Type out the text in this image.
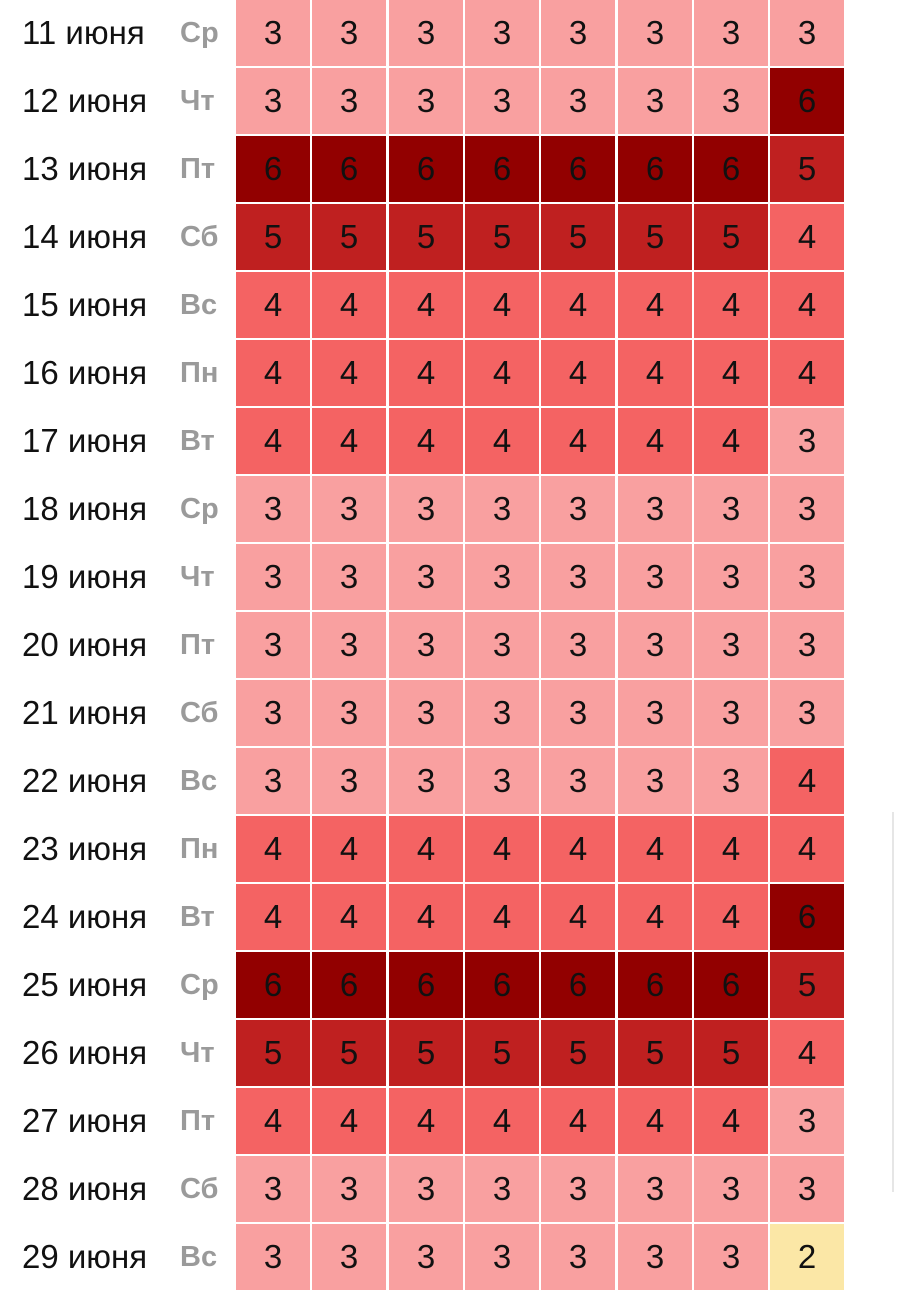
11 июня Ср	3	3	3	3	3	3	3	3
12 июня Чт	3	3	3	3	3	3	3	6
13 июня Пт	6	6	6	6	6	6	6	5
14 июня Сб	5	5	5	5	5	5	5	4
15 июня Вс	4	4	4	4	4	4	4	4
16 июня Пн	4	4	4	4	4	4	4	4
17 июня Вт	4	4	4	4	4	4	4	3
18 июня Ср	3	3	3	3	3	3	3	3
19 июня Чт	3	3	3	3	3	3	3	3
20 июня Пт	3	3	3	3	3	3	3	3
21 июня Сб	3	3	3	3	3	3	3	3
22 июня Вс	3	3	3	3	3	3	3	4
23 июня Пн	4	4	4	4	4	4	4	4
24 июня Вт	4	4	4	4	4	4	4	6
25 июня Ср	6	6	6	6	6	6	6	5
26 июня Чт	5	5	5	5	5	5	5	4
27 июня Пт	4	4	4	4	4	4	4	3
28 июня Сб	3	3	3	3	3	3	3	3
29 июня Вс	3	3	3	3	3	3	3	2
